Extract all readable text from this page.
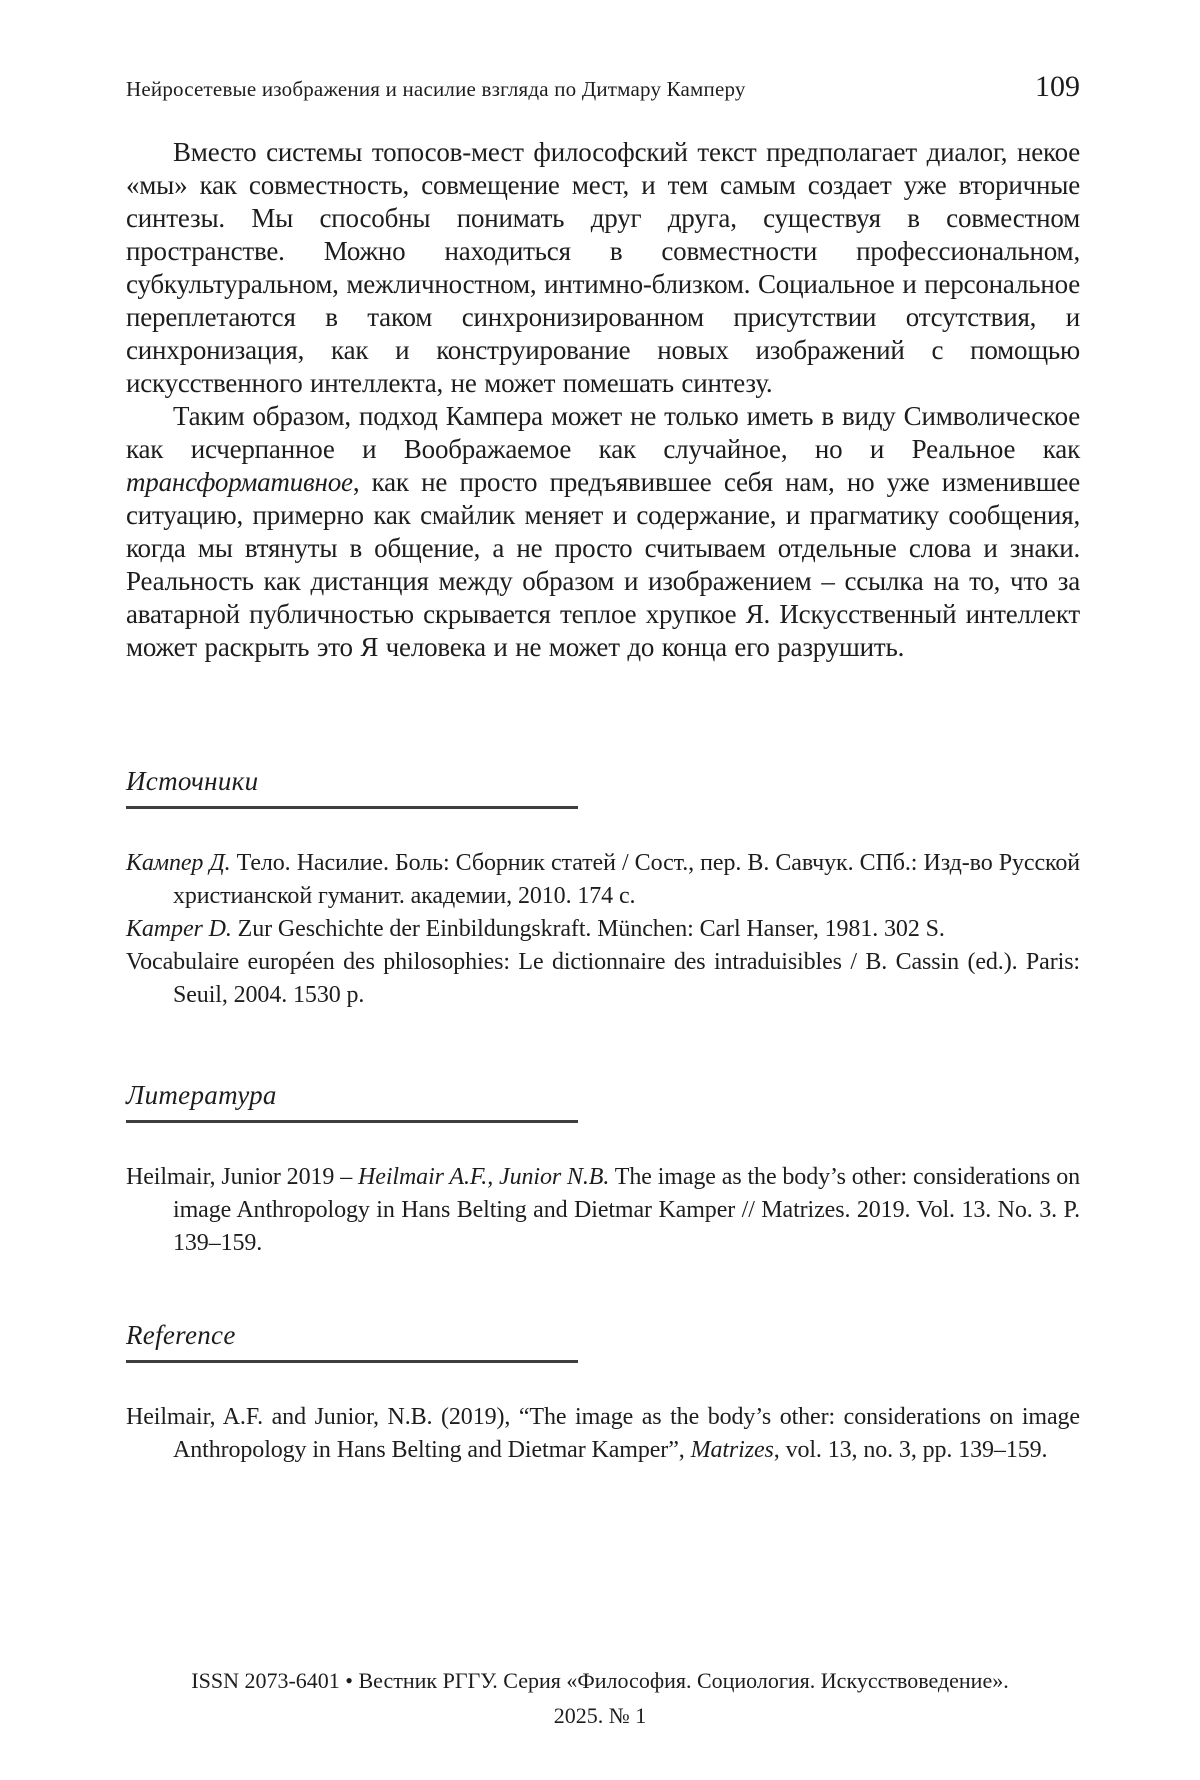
Нейросетевые изображения и насилие взгляда по Дитмару Камперу	109

Вместо системы топосов-мест философский текст предполагает диалог, некое «мы» как совместность, совмещение мест, и тем самым создает уже вторичные синтезы. Мы способны понимать друг друга, существуя в совместном пространстве. Можно находиться в совместности профессиональном, субкультуральном, межличностном, интимно-близком. Социальное и персональное переплетаются в таком синхронизированном присутствии отсутствия, и синхронизация, как и конструирование новых изображений с помощью искусственного интеллекта, не может помешать синтезу.

Таким образом, подход Кампера может не только иметь в виду Символическое как исчерпанное и Воображаемое как случайное, но и Реальное как трансформативное, как не просто предъявившее себя нам, но уже изменившее ситуацию, примерно как смайлик меняет и содержание, и прагматику сообщения, когда мы втянуты в общение, а не просто считываем отдельные слова и знаки. Реальность как дистанция между образом и изображением – ссылка на то, что за аватарной публичностью скрывается теплое хрупкое Я. Искусственный интеллект может раскрыть это Я человека и не может до конца его разрушить.

Источники

Кампер Д. Тело. Насилие. Боль: Сборник статей / Сост., пер. В. Савчук. СПб.: Изд-во Русской христианской гуманит. академии, 2010. 174 с.

Kamper D. Zur Geschichte der Einbildungskraft. München: Carl Hanser, 1981. 302 S.

Vocabulaire européen des philosophies: Le dictionnaire des intraduisibles / B. Cassin (ed.). Paris: Seuil, 2004. 1530 p.

Литература

Heilmair, Junior 2019 – Heilmair A.F., Junior N.B. The image as the body’s other: considerations on image Anthropology in Hans Belting and Dietmar Kamper // Matrizes. 2019. Vol. 13. No. 3. P. 139–159.

Reference

Heilmair, A.F. and Junior, N.B. (2019), “The image as the body’s other: considerations on image Anthropology in Hans Belting and Dietmar Kamper”, Matrizes, vol. 13, no. 3, pp. 139–159.

ISSN 2073-6401 • Вестник РГГУ. Серия «Философия. Социология. Искусствоведение».
2025. № 1
